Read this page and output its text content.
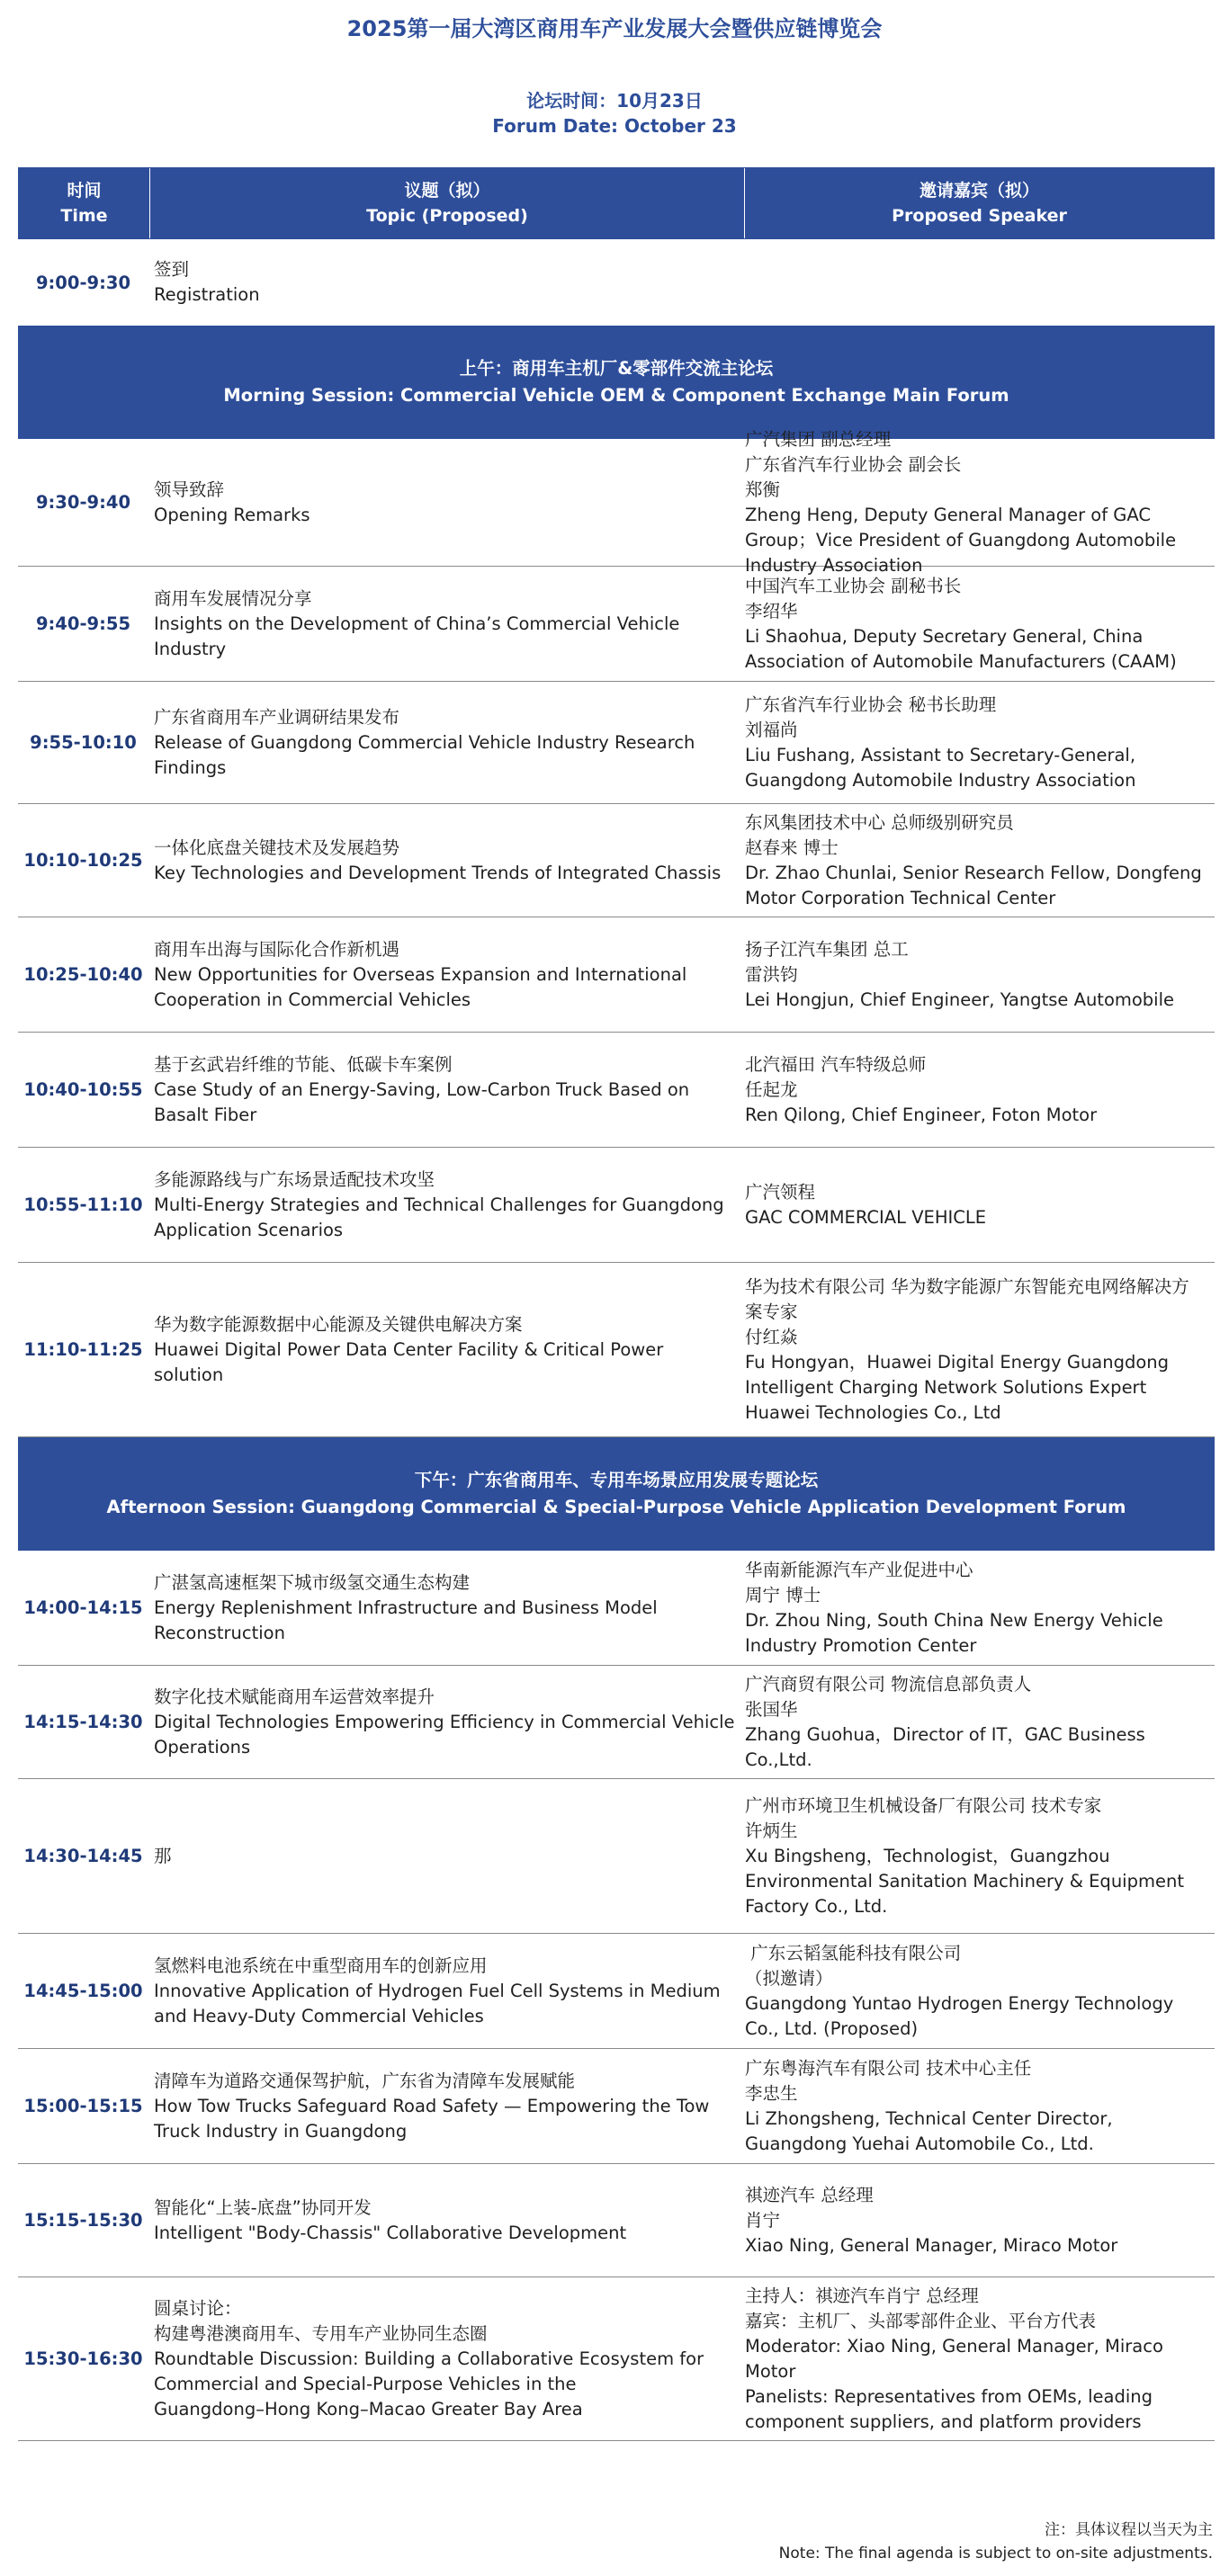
2025第一届大湾区商用车产业发展大会暨供应链博览会
论坛时间：10月23日
Forum Date: October 23
时间
Time
议题（拟）
Topic (Proposed)
邀请嘉宾（拟）
Proposed Speaker
9:00-9:30
签到
Registration
上午：商用车主机厂&零部件交流主论坛
Morning Session: Commercial Vehicle OEM & Component Exchange Main Forum
9:30-9:40
领导致辞
Opening Remarks
广汽集团 副总经理
广东省汽车行业协会 副会长
郑衡
Zheng Heng, Deputy General Manager of GAC
Group；Vice President of Guangdong Automobile
Industry Association
9:40-9:55
商用车发展情况分享
Insights on the Development of China’s Commercial Vehicle
Industry
中国汽车工业协会 副秘书长
李绍华
Li Shaohua, Deputy Secretary General, China
Association of Automobile Manufacturers (CAAM)
9:55-10:10
广东省商用车产业调研结果发布
Release of Guangdong Commercial Vehicle Industry Research
Findings
广东省汽车行业协会 秘书长助理
刘福尚
Liu Fushang, Assistant to Secretary-General,
Guangdong Automobile Industry Association
10:10-10:25
一体化底盘关键技术及发展趋势
Key Technologies and Development Trends of Integrated Chassis
东风集团技术中心 总师级别研究员
赵春来 博士
Dr. Zhao Chunlai, Senior Research Fellow, Dongfeng
Motor Corporation Technical Center
10:25-10:40
商用车出海与国际化合作新机遇
New Opportunities for Overseas Expansion and International
Cooperation in Commercial Vehicles
扬子江汽车集团 总工
雷洪钧
Lei Hongjun, Chief Engineer, Yangtse Automobile
10:40-10:55
基于玄武岩纤维的节能、低碳卡车案例
Case Study of an Energy-Saving, Low-Carbon Truck Based on
Basalt Fiber
北汽福田 汽车特级总师
任起龙
Ren Qilong, Chief Engineer, Foton Motor
10:55-11:10
多能源路线与广东场景适配技术攻坚
Multi-Energy Strategies and Technical Challenges for Guangdong
Application Scenarios
广汽领程
GAC COMMERCIAL VEHICLE
11:10-11:25
华为数字能源数据中心能源及关键供电解决方案
Huawei Digital Power Data Center Facility & Critical Power
solution
华为技术有限公司 华为数字能源广东智能充电网络解决方
案专家
付红焱
Fu Hongyan，Huawei Digital Energy Guangdong
Intelligent Charging Network Solutions Expert
Huawei Technologies Co., Ltd
下午：广东省商用车、专用车场景应用发展专题论坛
Afternoon Session: Guangdong Commercial & Special-Purpose Vehicle Application Development Forum
14:00-14:15
广湛氢高速框架下城市级氢交通生态构建
Energy Replenishment Infrastructure and Business Model
Reconstruction
华南新能源汽车产业促进中心
周宁 博士
Dr. Zhou Ning, South China New Energy Vehicle
Industry Promotion Center
14:15-14:30
数字化技术赋能商用车运营效率提升
Digital Technologies Empowering Efficiency in Commercial Vehicle
Operations
广汽商贸有限公司 物流信息部负责人
张国华
Zhang Guohua，Director of IT，GAC Business
Co.,Ltd.
14:30-14:45 那
广州市环境卫生机械设备厂有限公司 技术专家
许炳生
Xu Bingsheng，Technologist，Guangzhou
Environmental Sanitation Machinery & Equipment
Factory Co., Ltd.
14:45-15:00
氢燃料电池系统在中重型商用车的创新应用
Innovative Application of Hydrogen Fuel Cell Systems in Medium
and Heavy-Duty Commercial Vehicles
广东云韬氢能科技有限公司
（拟邀请）
Guangdong Yuntao Hydrogen Energy Technology
Co., Ltd. (Proposed)
15:00-15:15
清障车为道路交通保驾护航，广东省为清障车发展赋能
How Tow Trucks Safeguard Road Safety — Empowering the Tow
Truck Industry in Guangdong
广东粤海汽车有限公司 技术中心主任
李忠生
Li Zhongsheng, Technical Center Director,
Guangdong Yuehai Automobile Co., Ltd.
15:15-15:30
智能化“上装-底盘”协同开发
Intelligent "Body-Chassis" Collaborative Development
祺迹汽车 总经理
肖宁
Xiao Ning, General Manager, Miraco Motor
15:30-16:30
圆桌讨论：
构建粤港澳商用车、专用车产业协同生态圈
Roundtable Discussion: Building a Collaborative Ecosystem for
Commercial and Special-Purpose Vehicles in the
Guangdong–Hong Kong–Macao Greater Bay Area
主持人：祺迹汽车肖宁 总经理
嘉宾：主机厂、头部零部件企业、平台方代表
Moderator: Xiao Ning, General Manager, Miraco
Motor
Panelists: Representatives from OEMs, leading
component suppliers, and platform providers
注：具体议程以当天为主
Note: The final agenda is subject to on-site adjustments.
